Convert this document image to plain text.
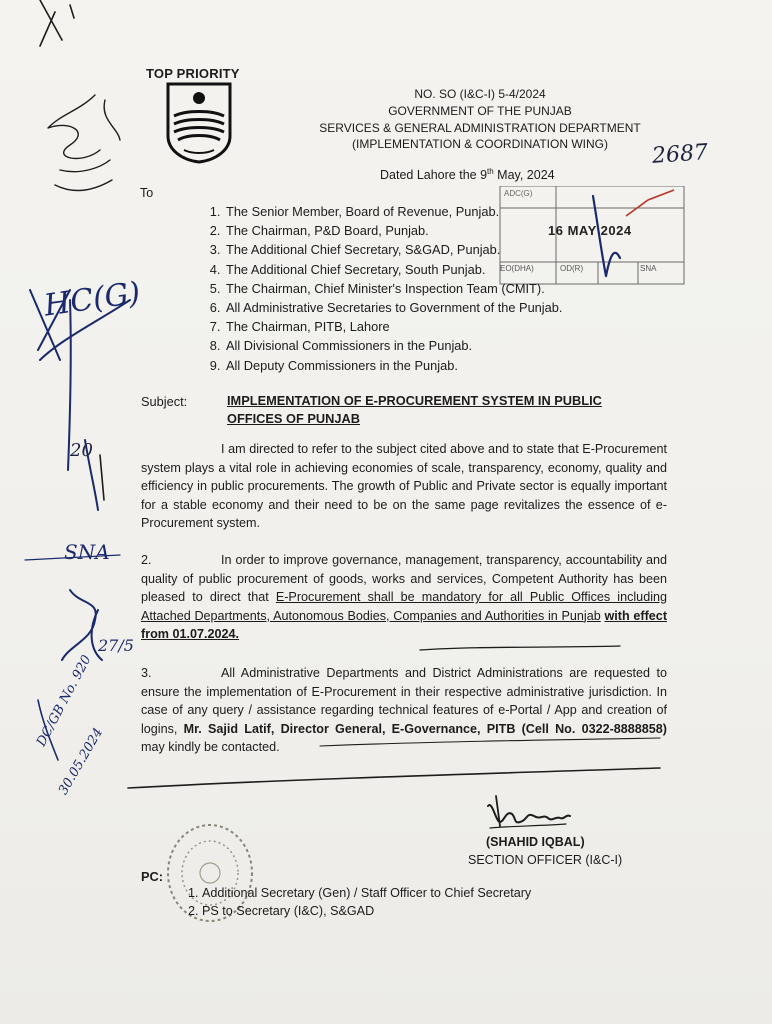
HC(G)
20
SNA
27/5
DC/GB No. 920
30.05.2024
TOP PRIORITY
NO. SO (I&C-I) 5-4/2024
GOVERNMENT OF THE PUNJAB
SERVICES & GENERAL ADMINISTRATION DEPARTMENT
(IMPLEMENTATION & COORDINATION WING)	2687
Dated Lahore the 9th May, 2024
To
16 MAY 2024
ADC(G)
SNA
EO(DHA)	OD(R)
1. The Senior Member, Board of Revenue, Punjab.
2. The Chairman, P&D Board, Punjab.
3. The Additional Chief Secretary, S&GAD, Punjab.
4. The Additional Chief Secretary, South Punjab.
5. The Chairman, Chief Minister's Inspection Team (CMIT).
6. All Administrative Secretaries to Government of the Punjab.
7. The Chairman, PITB, Lahore
8. All Divisional Commissioners in the Punjab.
9. All Deputy Commissioners in the Punjab.
Subject:	IMPLEMENTATION OF E-PROCUREMENT SYSTEM IN PUBLIC
OFFICES OF PUNJAB
I am directed to refer to the subject cited above and to state that E-Procurement system plays a vital role in achieving economies of scale, transparency, economy, quality and efficiency in public procurements. The growth of Public and Private sector is equally important for a stable economy and their need to be on the same page revitalizes the essence of e-Procurement system.
2.	In order to improve governance, management, transparency, accountability and quality of public procurement of goods, works and services, Competent Authority has been pleased to direct that E-Procurement shall be mandatory for all Public Offices including Attached Departments, Autonomous Bodies, Companies and Authorities in Punjab with effect from 01.07.2024.
3.	All Administrative Departments and District Administrations are requested to ensure the implementation of E-Procurement in their respective administrative jurisdiction. In case of any query / assistance regarding technical features of e-Portal / App and creation of logins, Mr. Sajid Latif, Director General, E-Governance, PITB (Cell No. 0322-8888858) may kindly be contacted.
(SHAHID IQBAL)
SECTION OFFICER (I&C-I)
PC:
1. Additional Secretary (Gen) / Staff Officer to Chief Secretary
2. PS to Secretary (I&C), S&GAD
